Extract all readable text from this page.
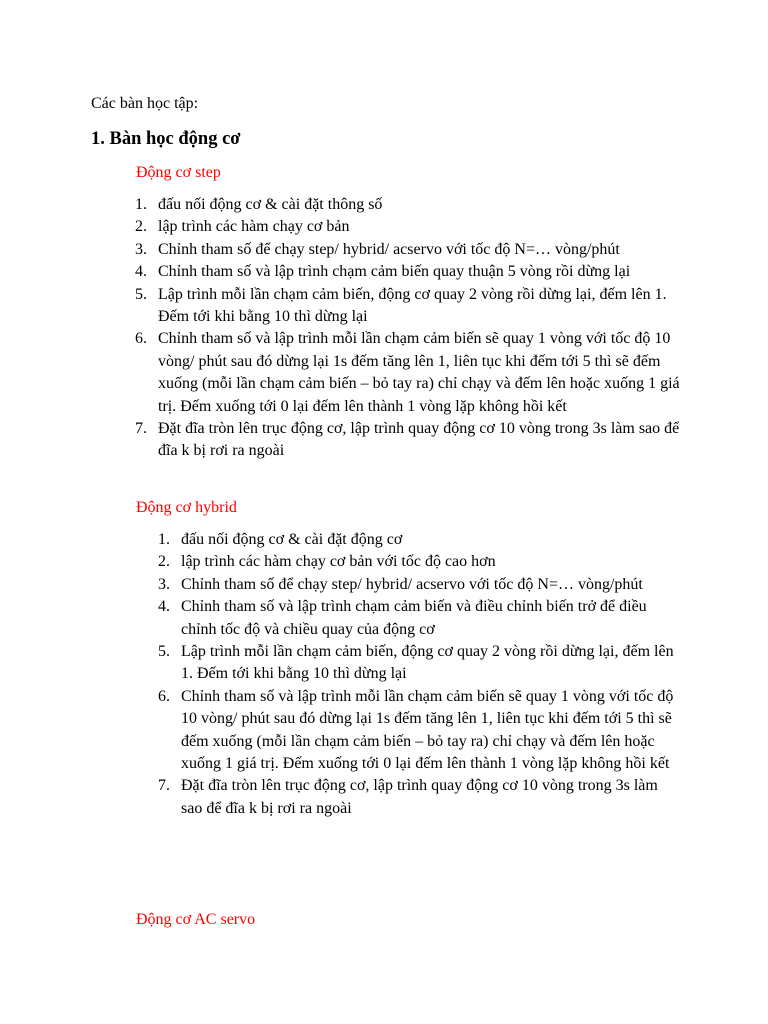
Các bàn học tập:

1. Bàn học động cơ

Động cơ step

1. đấu nối động cơ & cài đặt thông số
2. lập trình các hàm chạy cơ bản
3. Chỉnh tham số để chạy step/ hybrid/ acservo với tốc độ N=… vòng/phút
4. Chỉnh tham số và lập trình chạm cảm biến quay thuận 5 vòng rồi dừng lại
5. Lập trình mỗi lần chạm cảm biến, động cơ quay 2 vòng rồi dừng lại, đếm lên 1. Đếm tới khi bằng 10 thì dừng lại
6. Chỉnh tham số và lập trình mỗi lần chạm cảm biến sẽ quay 1 vòng với tốc độ 10 vòng/ phút sau đó dừng lại 1s đếm tăng lên 1, liên tục khi đếm tới 5 thì sẽ đếm xuống (mỗi lần chạm cảm biến – bỏ tay ra) chỉ chạy và đếm lên hoặc xuống 1 giá trị. Đếm xuống tới 0 lại đếm lên thành 1 vòng lặp không hồi kết
7. Đặt đĩa tròn lên trục động cơ, lập trình quay động cơ 10 vòng trong 3s làm sao để đĩa k bị rơi ra ngoài

Động cơ hybrid

1. đấu nối động cơ & cài đặt động cơ
2. lập trình các hàm chạy cơ bản với tốc độ cao hơn
3. Chỉnh tham số để chạy step/ hybrid/ acservo với tốc độ N=… vòng/phút
4. Chỉnh tham số và lập trình chạm cảm biến và điều chỉnh biến trở để điều chỉnh tốc độ và chiều quay của động cơ
5. Lập trình mỗi lần chạm cảm biến, động cơ quay 2 vòng rồi dừng lại, đếm lên 1. Đếm tới khi bằng 10 thì dừng lại
6. Chỉnh tham số và lập trình mỗi lần chạm cảm biến sẽ quay 1 vòng với tốc độ 10 vòng/ phút sau đó dừng lại 1s đếm tăng lên 1, liên tục khi đếm tới 5 thì sẽ đếm xuống (mỗi lần chạm cảm biến – bỏ tay ra) chỉ chạy và đếm lên hoặc xuống 1 giá trị. Đếm xuống tới 0 lại đếm lên thành 1 vòng lặp không hồi kết
7. Đặt đĩa tròn lên trục động cơ, lập trình quay động cơ 10 vòng trong 3s làm sao để đĩa k bị rơi ra ngoài

Động cơ AC servo
